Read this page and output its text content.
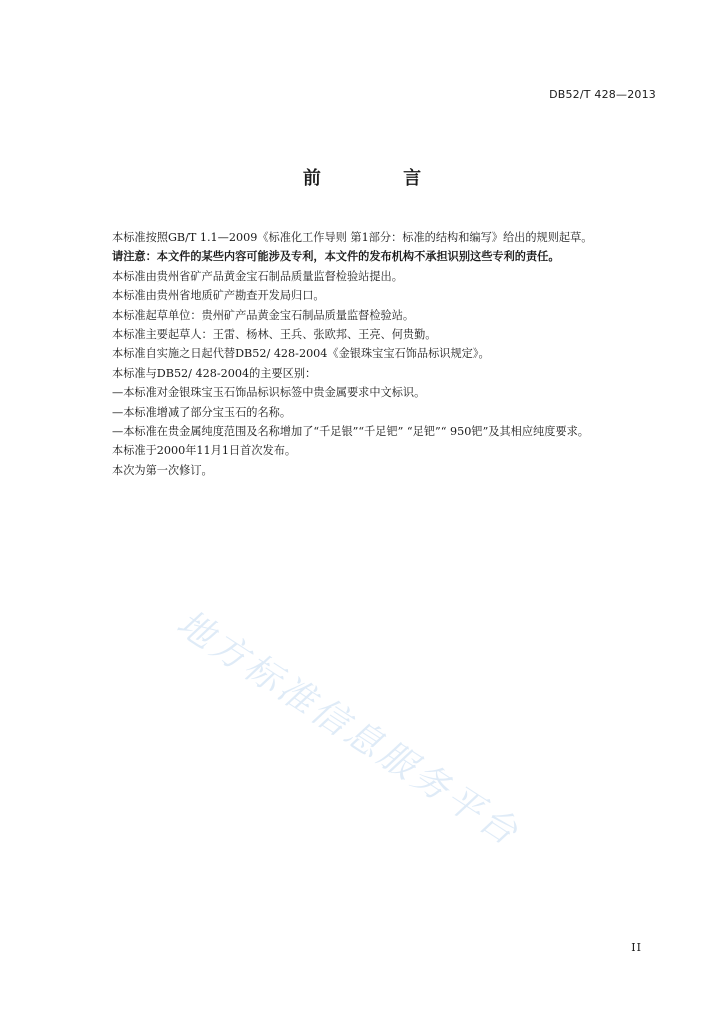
DB52/T 428—2013
前 言

本标准按照GB/T 1.1—2009《标准化工作导则 第1部分：标准的结构和编写》给出的规则起草。

请注意：本文件的某些内容可能涉及专利，本文件的发布机构不承担识别这些专利的责任。

本标准由贵州省矿产品黄金宝石制品质量监督检验站提出。

本标准由贵州省地质矿产勘查开发局归口。

本标准起草单位：贵州矿产品黄金宝石制品质量监督检验站。

本标准主要起草人：王雷、杨林、王兵、张欧邦、王亮、何贵勤。

本标准自实施之日起代替DB52/ 428-2004《金银珠宝宝石饰品标识规定》。

本标准与DB52/ 428-2004的主要区别：

—本标准对金银珠宝玉石饰品标识标签中贵金属要求中文标识。

—本标准增减了部分宝玉石的名称。

—本标准在贵金属纯度范围及名称增加了“千足银”“千足钯” “足钯”“ 950钯”及其相应纯度要求。

本标准于2000年11月1日首次发布。

本次为第一次修订。

地方标准信息服务平台
II
